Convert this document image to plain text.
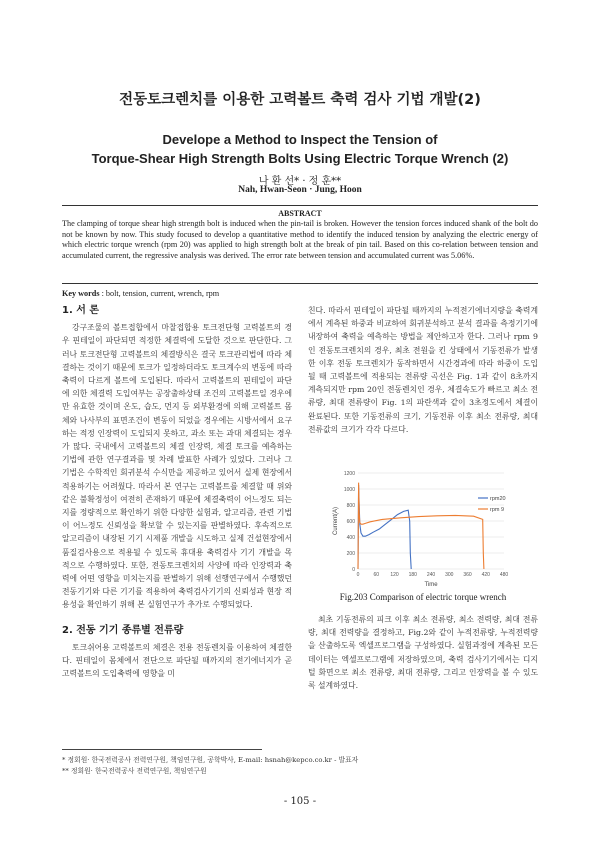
전동토크렌치를 이용한 고력볼트 축력 검사 기법 개발(2)
Develope a Method to Inspect the Tension of
Torque-Shear High Strength Bolts Using Electric Torque Wrench (2)
나 환 선* · 정 훈**
Nah, Hwan-Seon · Jung, Hoon
ABSTRACT
The clamping of torque shear high strength bolt is induced when the pin-tail is broken. However the tension forces induced shank of the bolt do not be known by now. This study focused to develop a quantitative method to identify the induced tension by analyzing the electric energy of which electric torque wrench (rpm 20) was applied to high strength bolt at the break of pin tail. Based on this co-relation between tension and accumulated current, the regressive analysis was derived. The error rate between tension and accumulated current was 5.06%.
Key words : bolt, tension, current, wrench, rpm
1. 서 론

강구조물의 볼트접합에서 마찰접합용 토크전단형 고력볼트의 경우 핀테일이 파단되면 적정한 체결력에 도달한 것으로 판단한다. 그러나 토크전단형 고력볼트의 체결방식은 결국 토크관리법에 따라 체결하는 것이기 때문에 토크가 일정하더라도 토크계수의 변동에 따라 축력이 다르게 볼트에 도입된다. 따라서 고력볼트의 핀테일이 파단에 의한 체결력 도입여부는 공장출하상태 조건의 고력볼트일 경우에만 유효한 것이며 온도, 습도, 먼지 등 외부환경에 의해 고력볼트 몸체와 나사부의 표면조건이 변동이 되었을 경우에는 시방서에서 요구하는 적정 인장력이 도입되지 못하고, 과소 또는 과대 체결되는 경우가 많다. 국내에서 고력볼트의 체결 인장력, 체결 토크를 예측하는 기법에 관한 연구결과를 몇 차례 발표한 사례가 있었다. 그러나 그 기법은 수학적인 회귀분석 수식만을 제공하고 있어서 실제 현장에서 적용하기는 어려웠다. 따라서 본 연구는 고력볼트를 체결할 때 위와 같은 불확정성이 여전히 존재하기 때문에 체결축력이 어느정도 되는지를 정량적으로 확인하기 위한 다양한 실험과, 알고리즘, 관련 기법이 어느정도 신뢰성을 확보할 수 있는지를 판별하였다. 후속적으로 알고리즘이 내장된 기기 시제품 개발을 시도하고 실제 건설현장에서 품질검사용으로 적용될 수 있도록 휴대용 축력검사 기기 개발을 목적으로 수행하였다. 또한, 전동토크렌치의 사양에 따라 인장력과 축력에 어떤 영향을 미치는지를 판별하기 위해 선행연구에서 수행했던 전동기기와 다른 기기를 적용하여 축력검사기기의 신뢰성과 현장 적용성을 확인하기 위해 본 실험연구가 추가로 수행되었다.

2. 전동 기기 종류별 전류량

토크쉬어용 고력볼트의 체결은 전용 전동렌치를 이용하여 체결한다. 핀테일이 몸체에서 전단으로 파단될 때까지의 전기에너지가 곧 고력볼트의 도입축력에 영향을 미

친다. 따라서 핀테일이 파단될 때까지의 누적전기에너지량을 축력계에서 계측된 하중과 비교하여 회귀분석하고 분석 결과를 측정기기에 내장하여 축력을 예측하는 방법을 제안하고자 한다. 그러나 rpm 9인 전동토크렌치의 경우, 최초 전원을 킨 상태에서 기동전류가 발생한 이후 전동 토크렌치가 동작하면서 시간경과에 따라 하중이 도입될 때 고력볼트에 적용되는 전류량 곡선은 Fig. 1과 같이 8초까지 계측되지만 rpm 20인 전동렌치인 경우, 체결속도가 빠르고 최소 전류량, 최대 전류량이 Fig. 1의 파란색과 같이 3초정도에서 체결이 완료된다. 또한 기동전류의 크기, 기동전류 이후 최소 전류량, 최대전류값의 크기가 각각 다르다.

0
200
400
600
800
1000
1200
0	60 120 180 240 300 360 420 480
rpm20
rpm 9
Current(A)
Time
Fig.203 Comparison of electric torque wrench

최초 기동전류의 피크 이후 최소 전류량, 최소 전력량, 최대 전류량, 최대 전력량을 결정하고, Fig.2와 같이 누적전류량, 누적전력량을 산출하도록 엑셀프로그램을 구성하였다. 실험과정에 계측된 모든 데이터는 엑셀프로그램에 저장하였으며, 축력 검사기기에서는 디지털 화면으로 최소 전류량, 최대 전류량, 그리고 인장력을 볼 수 있도록 설계하였다.

* 정회원· 한국전력공사 전력연구원, 책임연구원, 공학박사, E-mail: hsnah@kepco.co.kr - 발표자
** 정회원· 한국전력공사 전력연구원, 책임연구원
- 105 -
